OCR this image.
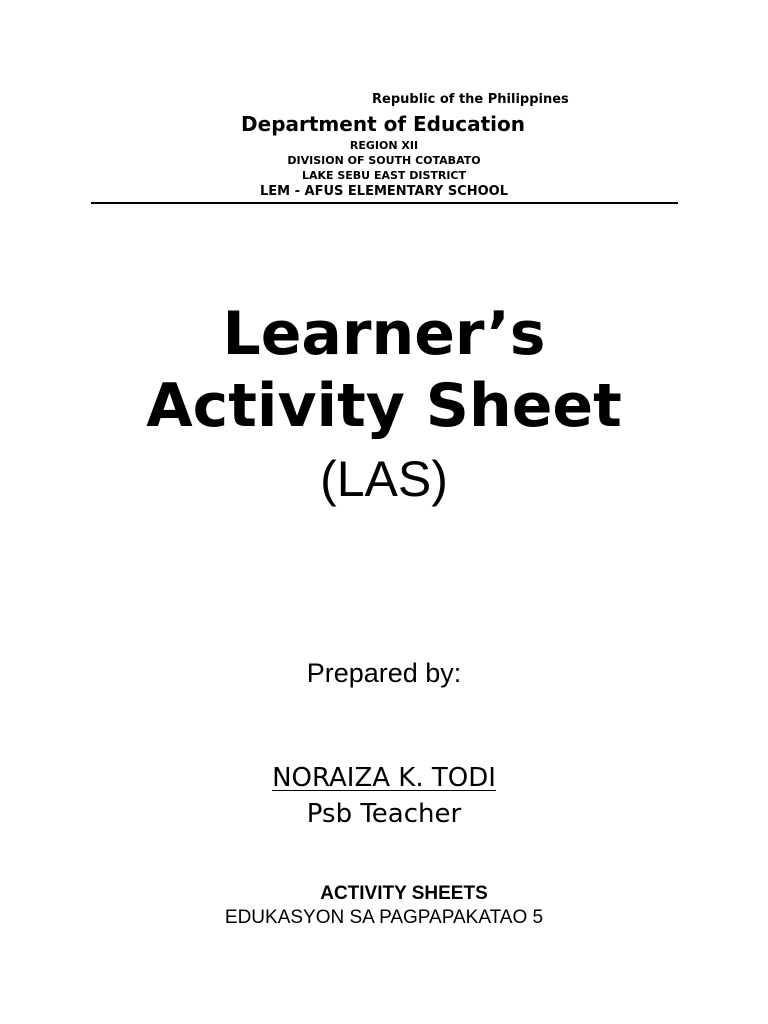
Republic of the Philippines

Department of Education

REGION XII

DIVISION OF SOUTH COTABATO

LAKE SEBU EAST DISTRICT

LEM - AFUS ELEMENTARY SCHOOL

Learner’s

Activity Sheet

(LAS)

Prepared by:

NORAIZA K. TODI

Psb Teacher

ACTIVITY SHEETS

EDUKASYON SA PAGPAPAKATAO 5
